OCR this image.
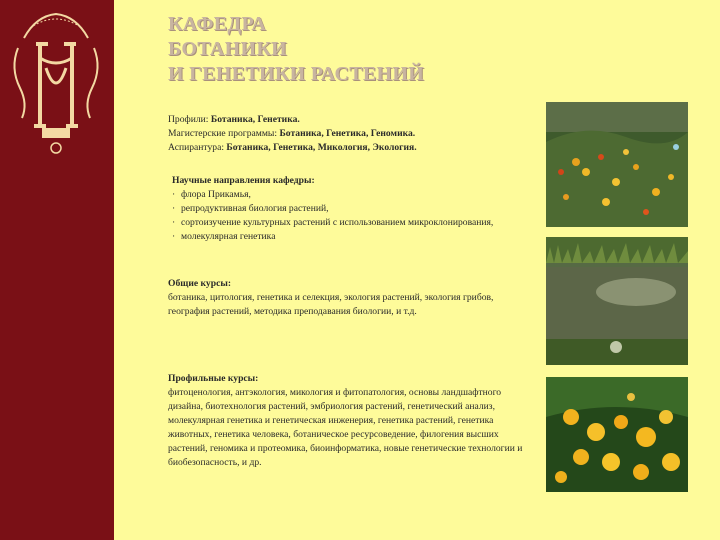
КАФЕДРА
БОТАНИКИ
И ГЕНЕТИКИ РАСТЕНИЙ
Профили: Ботаника, Генетика.
Магистерские программы: Ботаника, Генетика, Геномика.
Аспирантура: Ботаника, Генетика, Микология, Экология.
Научные направления кафедры:
· флора Прикамья,
· репродуктивная биология растений,
· сортоизучение культурных растений с использованием микроклонирования,
· молекулярная генетика
Общие курсы:
ботаника, цитология, генетика и селекция, экология растений, экология грибов, география растений, методика преподавания биологии, и т.д.
Профильные курсы:
фитоценология, антэкология, микология и фитопатология, основы ландшафтного дизайна, биотехнология растений, эмбриология растений, генетический анализ, молекулярная генетика и генетическая инженерия, генетика растений, генетика животных, генетика человека, ботаническое ресурсоведение, филогения высших растений, геномика и протеомика, биоинформатика, новые генетические технологии и биобезопасность, и др.
